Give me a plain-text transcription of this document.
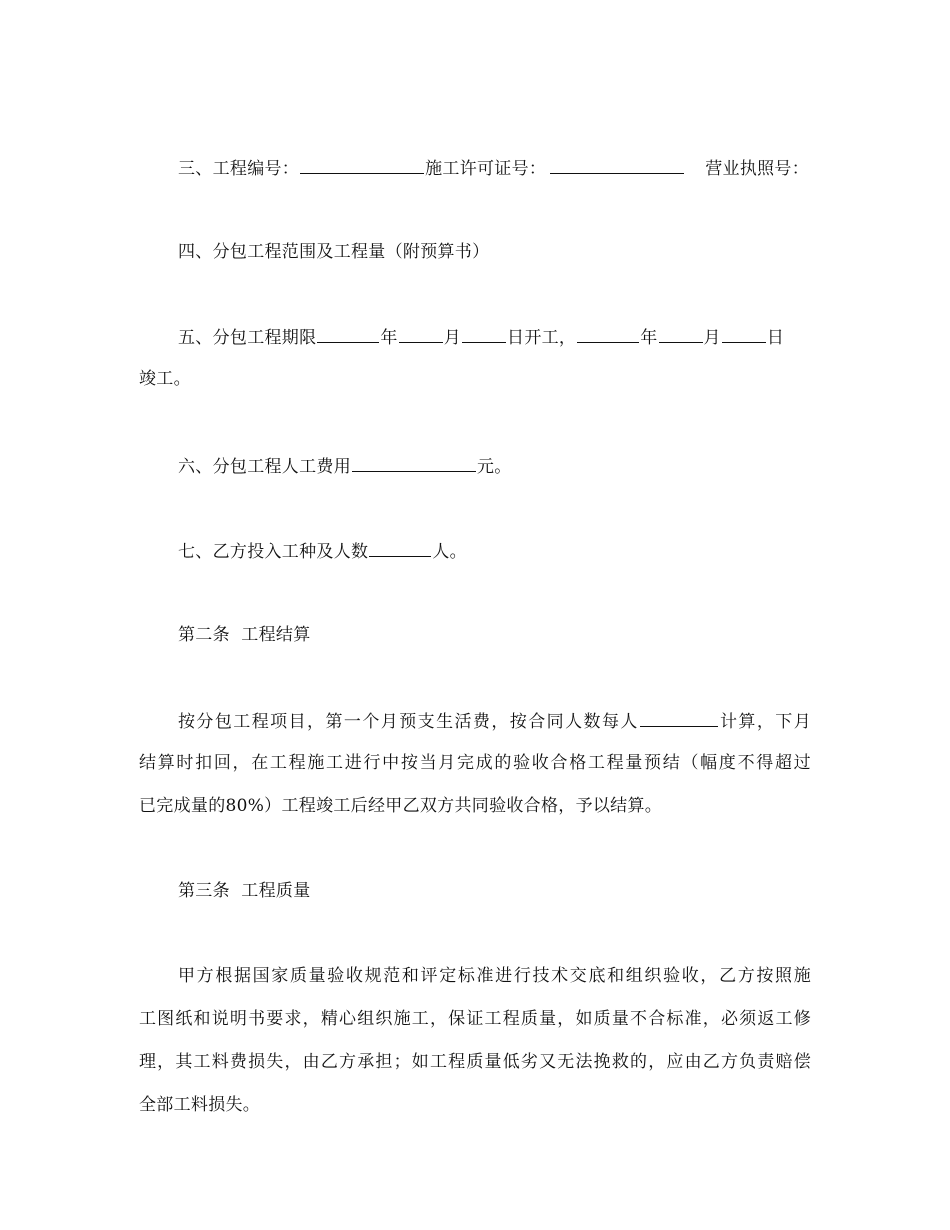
三、工程编号：	施工许可证号：	营业执照号：
四、分包工程范围及工程量（附预算书）
五、分包工程期限	年	月	日开工，	年	月	日
竣工。
六、分包工程人工费用	元。
七、乙方投入工种及人数	人。
第二条  工程结算
按分包工程项目，第一个月预支生活费，按合同人数每人	计算，下月
结算时扣回，在工程施工进行中按当月完成的验收合格工程量预结（幅度不得超过
已完成量的80%）工程竣工后经甲乙双方共同验收合格，予以结算。
第三条  工程质量
甲方根据国家质量验收规范和评定标准进行技术交底和组织验收，乙方按照施
工图纸和说明书要求，精心组织施工，保证工程质量，如质量不合标准，必须返工修
理，其工料费损失，由乙方承担；如工程质量低劣又无法挽救的，应由乙方负责赔偿
全部工料损失。
